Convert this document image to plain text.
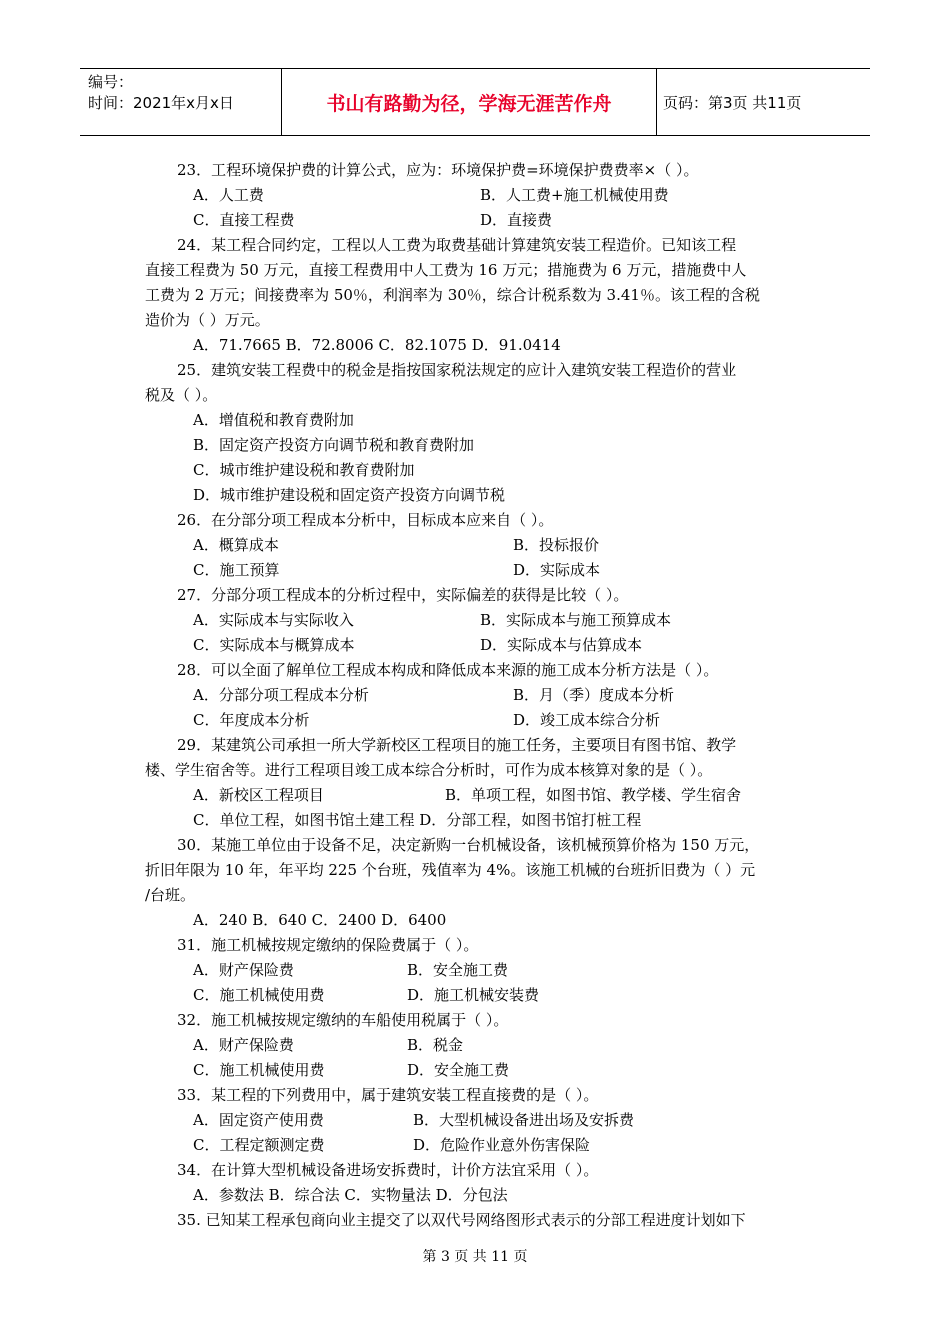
编号：
时间：2021年x月x日	书山有路勤为径，学海无涯苦作舟	页码：第3页 共11页
23．工程环境保护费的计算公式，应为：环境保护费=环境保护费费率×（ ）。
A．人工费	B．人工费+施工机械使用费
C．直接工程费	D．直接费
24．某工程合同约定，工程以人工费为取费基础计算建筑安装工程造价。已知该工程
直接工程费为 50 万元，直接工程费用中人工费为 16 万元；措施费为 6 万元，措施费中人
工费为 2 万元；间接费率为 50％，利润率为 30％，综合计税系数为 3.41％。该工程的含税
造价为（ ）万元。
A．71.7665 B．72.8006 C．82.1075 D．91.0414
25．建筑安装工程费中的税金是指按国家税法规定的应计入建筑安装工程造价的营业
税及（ ）。
A．增值税和教育费附加
B．固定资产投资方向调节税和教育费附加
C．城市维护建设税和教育费附加
D．城市维护建设税和固定资产投资方向调节税
26．在分部分项工程成本分析中，目标成本应来自（ ）。
A．概算成本	B．投标报价
C．施工预算	D．实际成本
27．分部分项工程成本的分析过程中，实际偏差的获得是比较（ ）。
A．实际成本与实际收入	B．实际成本与施工预算成本
C．实际成本与概算成本	D．实际成本与估算成本
28．可以全面了解单位工程成本构成和降低成本来源的施工成本分析方法是（ ）。
A．分部分项工程成本分析	B．月（季）度成本分析
C．年度成本分析	D．竣工成本综合分析
29．某建筑公司承担一所大学新校区工程项目的施工任务，主要项目有图书馆、教学
楼、学生宿舍等。进行工程项目竣工成本综合分析时，可作为成本核算对象的是（ ）。
A．新校区工程项目	B．单项工程，如图书馆、教学楼、学生宿舍
C．单位工程，如图书馆土建工程 D．分部工程，如图书馆打桩工程
30．某施工单位由于设备不足，决定新购一台机械设备，该机械预算价格为 150 万元，
折旧年限为 10 年，年平均 225 个台班，残值率为 4%。该施工机械的台班折旧费为（ ）元
/台班。
A．240 B．640 C．2400 D．6400
31．施工机械按规定缴纳的保险费属于（ ）。
A．财产保险费	B．安全施工费
C．施工机械使用费	D．施工机械安装费
32．施工机械按规定缴纳的车船使用税属于（ ）。
A．财产保险费	B．税金
C．施工机械使用费	D．安全施工费
33．某工程的下列费用中，属于建筑安装工程直接费的是（ ）。
A．固定资产使用费	B．大型机械设备进出场及安拆费
C．工程定额测定费	D．危险作业意外伤害保险
34．在计算大型机械设备进场安拆费时，计价方法宜采用（ ）。
A．参数法 B．综合法 C．实物量法 D．分包法
35. 已知某工程承包商向业主提交了以双代号网络图形式表示的分部工程进度计划如下
第 3 页 共 11 页
